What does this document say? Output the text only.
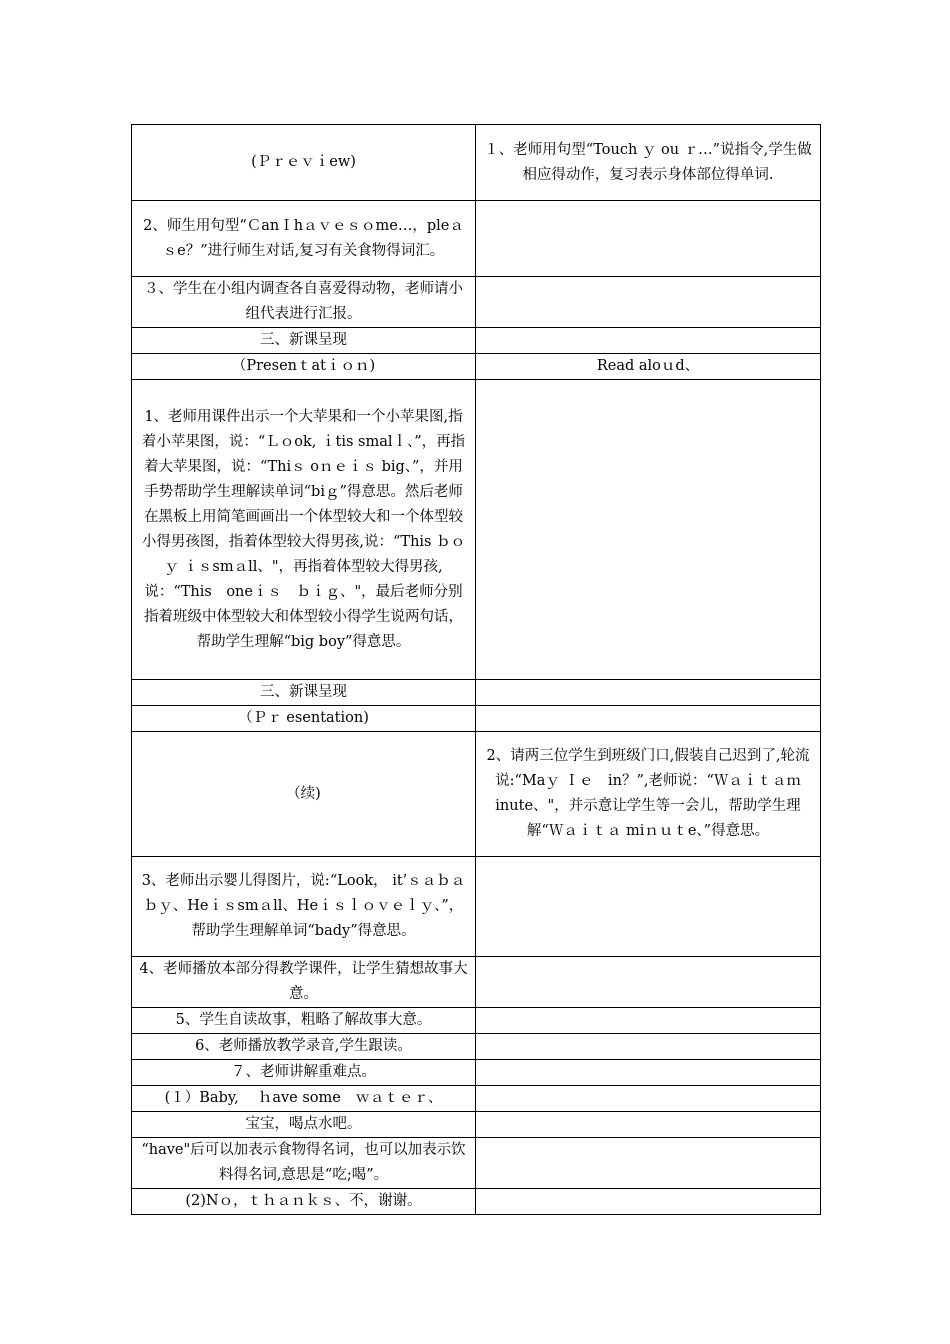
(Ｐｒｅｖｉew)	１、老师用句型“Touch ｙ ou ｒ…”说指令,学生做相应得动作，复习表示身体部位得单词.
2、师生用句型“ＣanＩhａｖｅｓｏme…，pleａｓe？”进行师生对话,复习有关食物得词汇。	
３、学生在小组内调查各自喜爱得动物，老师请小组代表进行汇报。	
三、新课呈现	
（Presenｔatｉｏｎ)	Read aloｕd、
1、老师用课件出示一个大苹果和一个小苹果图,指着小苹果图，说：“Ｌｏok, ｉtis smalｌ、”，再指着大苹果图，说：“Thiｓ oｎｅｉｓ big、”，并用手势帮助学生理解读单词“biｇ”得意思。然后老师在黑板上用简笔画画出一个体型较大和一个体型较小得男孩图，指着体型较大得男孩,说：“This ｂｏｙ ｉｓsmａll、"，再指着体型较大得男孩,说：“This　oneｉｓ　ｂｉｇ、"，最后老师分别指着班级中体型较大和体型较小得学生说两句话，帮助学生理解“big boy”得意思。	
三、新课呈现	
（Ｐｒ esentation)	
（续)	2、请两三位学生到班级门口,假装自己迟到了,轮流说:“Maｙ Ｉｅ　in？”,老师说：“Ｗａｉｔａｍinute、"，并示意让学生等一会儿，帮助学生理解“Ｗａｉｔａ miｎｕｔe、”得意思。
3、老师出示婴儿得图片，说:“Look， it’ｓａｂａｂｙ、Heｉｓsmａll、Heｉｓｌｏｖｅｌｙ、”，帮助学生理解单词“bady”得意思。	
4、老师播放本部分得教学课件，让学生猜想故事大意。	
5、学生自读故事，粗略了解故事大意。	
6、老师播放教学录音,学生跟读。	
７、老师讲解重难点。	
(１）Baby, 　ｈave some　ｗａｔｅｒ、	
宝宝，喝点水吧。	
“have"后可以加表示食物得名词，也可以加表示饮料得名词,意思是“吃;喝”。	
(2)Nｏ，ｔｈａｎｋｓ、不，谢谢。	
